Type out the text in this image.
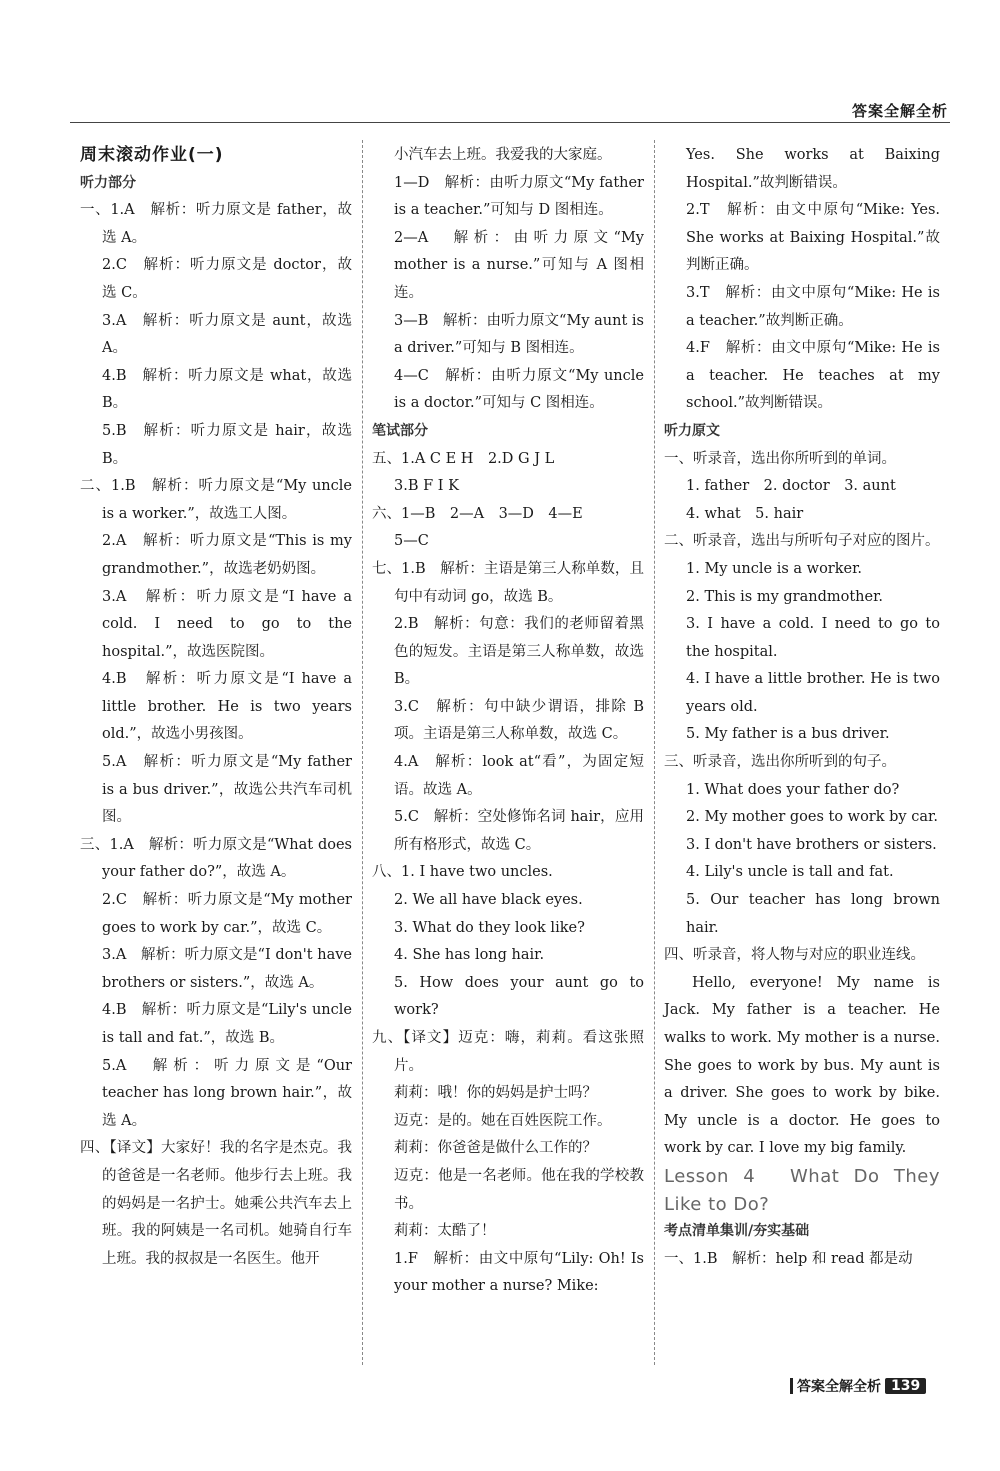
答案全解全析
周末滚动作业(一)
听力部分
一、1.A　解析：听力原文是 father，故选 A。
2.C　解析：听力原文是 doctor，故选 C。
3.A　解析：听力原文是 aunt，故选 A。
4.B　解析：听力原文是 what，故选 B。
5.B　解析：听力原文是 hair，故选 B。
二、1.B　解析：听力原文是“My uncle is a worker.”，故选工人图。
2.A　解析：听力原文是“This is my grandmother.”，故选老奶奶图。
3.A　解析：听力原文是“I have a cold. I need to go to the hospital.”，故选医院图。
4.B　解析：听力原文是“I have a little brother. He is two years old.”，故选小男孩图。
5.A　解析：听力原文是“My father is a bus driver.”，故选公共汽车司机图。
三、1.A　解析：听力原文是“What does your father do?”，故选 A。
2.C　解析：听力原文是“My mother goes to work by car.”，故选 C。
3.A　解析：听力原文是“I don't have brothers or sisters.”，故选 A。
4.B　解析：听力原文是“Lily's uncle is tall and fat.”，故选 B。
5.A　解析：听力原文是“Our teacher has long brown hair.”，故选 A。
四、【译文】大家好！我的名字是杰克。我的爸爸是一名老师。他步行去上班。我的妈妈是一名护士。她乘公共汽车去上班。我的阿姨是一名司机。她骑自行车上班。我的叔叔是一名医生。他开
小汽车去上班。我爱我的大家庭。
1—D　解析：由听力原文“My father is a teacher.”可知与 D 图相连。
2—A　解析：由听力原文“My mother is a nurse.”可知与 A 图相连。
3—B　解析：由听力原文“My aunt is a driver.”可知与 B 图相连。
4—C　解析：由听力原文“My uncle is a doctor.”可知与 C 图相连。
笔试部分
五、1.A C E H　2.D G J L
3.B F I K
六、1—B　2—A　3—D　4—E
5—C
七、1.B　解析：主语是第三人称单数，且句中有动词 go，故选 B。
2.B　解析：句意：我们的老师留着黑色的短发。主语是第三人称单数，故选 B。
3.C　解析：句中缺少谓语，排除 B 项。主语是第三人称单数，故选 C。
4.A　解析：look at“看”，为固定短语。故选 A。
5.C　解析：空处修饰名词 hair，应用所有格形式，故选 C。
八、1. I have two uncles.
2. We all have black eyes.
3. What do they look like?
4. She has long hair.
5. How does your aunt go to work?
九、【译文】迈克：嗨，莉莉。看这张照片。
莉莉：哦！你的妈妈是护士吗？
迈克：是的。她在百姓医院工作。
莉莉：你爸爸是做什么工作的？
迈克：他是一名老师。他在我的学校教书。
莉莉：太酷了！
1.F　解析：由文中原句“Lily: Oh! Is your mother a nurse? Mike:
Yes. She works at Baixing Hospital.”故判断错误。
2.T　解析：由文中原句“Mike: Yes. She works at Baixing Hospital.”故判断正确。
3.T　解析：由文中原句“Mike: He is a teacher.”故判断正确。
4.F　解析：由文中原句“Mike: He is a teacher. He teaches at my school.”故判断错误。
听力原文
一、听录音，选出你所听到的单词。
1. father　2. doctor　3. aunt
4. what　5. hair
二、听录音，选出与所听句子对应的图片。
1. My uncle is a worker.
2. This is my grandmother.
3. I have a cold. I need to go to the hospital.
4. I have a little brother. He is two years old.
5. My father is a bus driver.
三、听录音，选出你所听到的句子。
1. What does your father do?
2. My mother goes to work by car.
3. I don't have brothers or sisters.
4. Lily's uncle is tall and fat.
5. Our teacher has long brown hair.
四、听录音，将人物与对应的职业连线。
Hello, everyone! My name is Jack. My father is a teacher. He walks to work. My mother is a nurse. She goes to work by bus. My aunt is a driver. She goes to work by bike. My uncle is a doctor. He goes to work by car. I love my big family.
Lesson 4　What Do They Like to Do?
考点清单集训/夯实基础
一、1.B　解析：help 和 read 都是动
答案全解全析 139
